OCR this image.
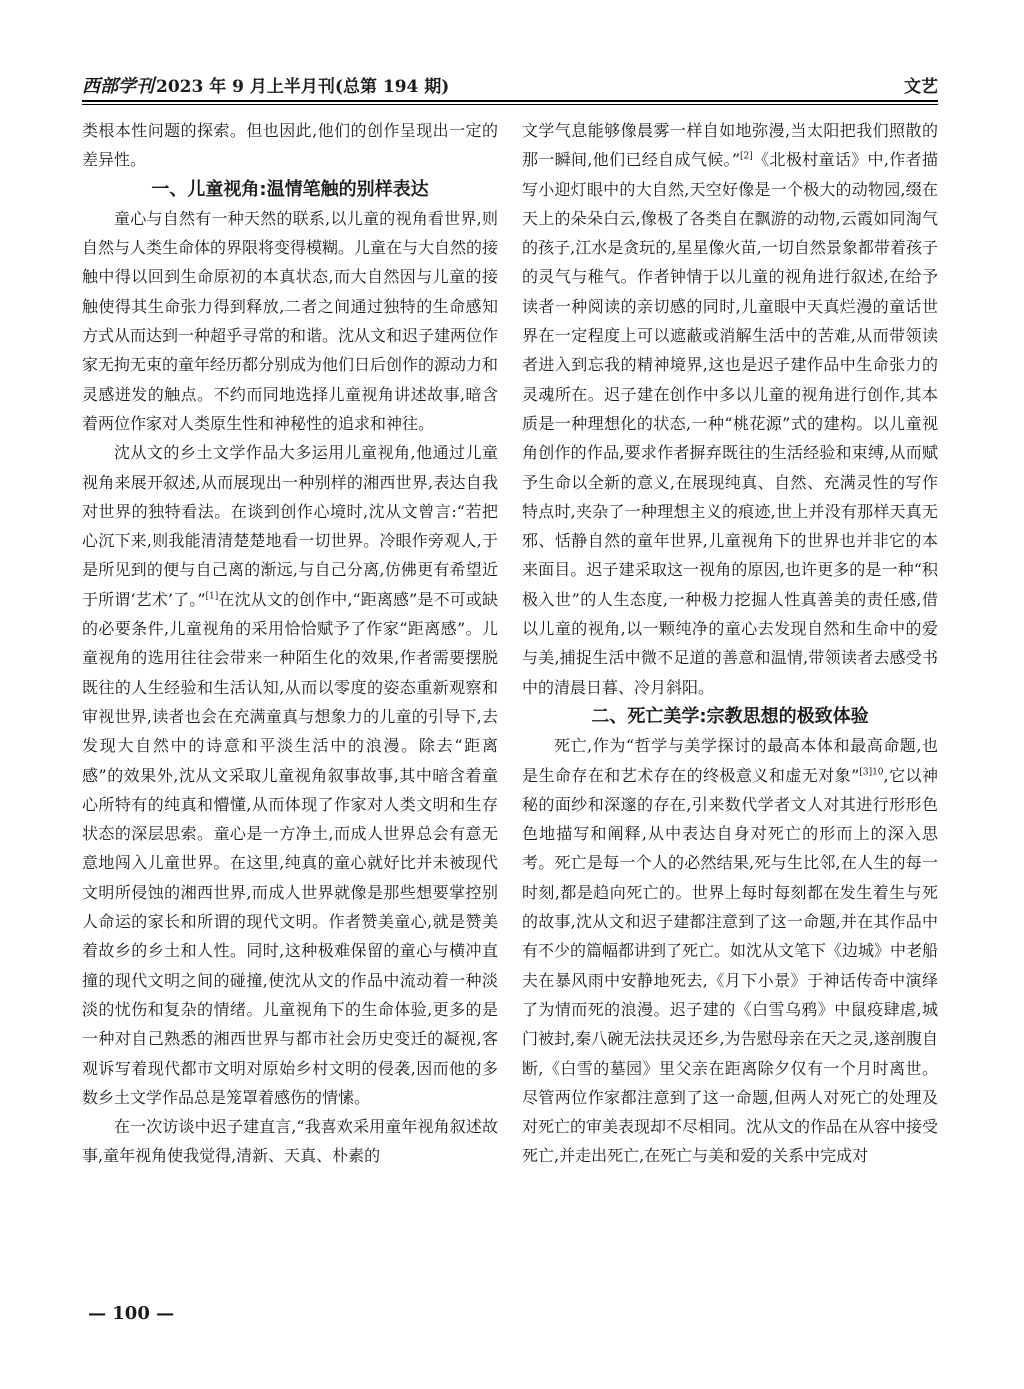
西部学刊 2023 年 9 月上半月刊(总第 194 期)	文艺

类根本性问题的探索。但也因此,他们的创作呈现出一定的差异性。

一、儿童视角:温情笔触的别样表达

童心与自然有一种天然的联系,以儿童的视角看世界,则自然与人类生命体的界限将变得模糊。儿童在与大自然的接触中得以回到生命原初的本真状态,而大自然因与儿童的接触使得其生命张力得到释放,二者之间通过独特的生命感知方式从而达到一种超乎寻常的和谐。沈从文和迟子建两位作家无拘无束的童年经历都分别成为他们日后创作的源动力和灵感迸发的触点。不约而同地选择儿童视角讲述故事,暗含着两位作家对人类原生性和神秘性的追求和神往。

沈从文的乡土文学作品大多运用儿童视角,他通过儿童视角来展开叙述,从而展现出一种别样的湘西世界,表达自我对世界的独特看法。在谈到创作心境时,沈从文曾言:“若把心沉下来,则我能清清楚楚地看一切世界。冷眼作旁观人,于是所见到的便与自己离的渐远,与自己分离,仿佛更有希望近于所谓‘艺术’了。”[1]在沈从文的创作中,“距离感”是不可或缺的必要条件,儿童视角的采用恰恰赋予了作家“距离感”。儿童视角的选用往往会带来一种陌生化的效果,作者需要摆脱既往的人生经验和生活认知,从而以零度的姿态重新观察和审视世界,读者也会在充满童真与想象力的儿童的引导下,去发现大自然中的诗意和平淡生活中的浪漫。除去“距离感”的效果外,沈从文采取儿童视角叙事故事,其中暗含着童心所特有的纯真和懵懂,从而体现了作家对人类文明和生存状态的深层思索。童心是一方净土,而成人世界总会有意无意地闯入儿童世界。在这里,纯真的童心就好比并未被现代文明所侵蚀的湘西世界,而成人世界就像是那些想要掌控别人命运的家长和所谓的现代文明。作者赞美童心,就是赞美着故乡的乡土和人性。同时,这种极难保留的童心与横冲直撞的现代文明之间的碰撞,使沈从文的作品中流动着一种淡淡的忧伤和复杂的情绪。儿童视角下的生命体验,更多的是一种对自己熟悉的湘西世界与都市社会历史变迁的凝视,客观诉写着现代都市文明对原始乡村文明的侵袭,因而他的多数乡土文学作品总是笼罩着感伤的情愫。

在一次访谈中迟子建直言,“我喜欢采用童年视角叙述故事,童年视角使我觉得,清新、天真、朴素的

文学气息能够像晨雾一样自如地弥漫,当太阳把我们照散的那一瞬间,他们已经自成气候。”[2]《北极村童话》中,作者描写小迎灯眼中的大自然,天空好像是一个极大的动物园,缀在天上的朵朵白云,像极了各类自在飘游的动物,云霞如同淘气的孩子,江水是贪玩的,星星像火苗,一切自然景象都带着孩子的灵气与稚气。作者钟情于以儿童的视角进行叙述,在给予读者一种阅读的亲切感的同时,儿童眼中天真烂漫的童话世界在一定程度上可以遮蔽或消解生活中的苦难,从而带领读者进入到忘我的精神境界,这也是迟子建作品中生命张力的灵魂所在。迟子建在创作中多以儿童的视角进行创作,其本质是一种理想化的状态,一种“桃花源”式的建构。以儿童视角创作的作品,要求作者摒弃既往的生活经验和束缚,从而赋予生命以全新的意义,在展现纯真、自然、充满灵性的写作特点时,夹杂了一种理想主义的痕迹,世上并没有那样天真无邪、恬静自然的童年世界,儿童视角下的世界也并非它的本来面目。迟子建采取这一视角的原因,也许更多的是一种“积极入世”的人生态度,一种极力挖掘人性真善美的责任感,借以儿童的视角,以一颗纯净的童心去发现自然和生命中的爱与美,捕捉生活中微不足道的善意和温情,带领读者去感受书中的清晨日暮、冷月斜阳。

二、死亡美学:宗教思想的极致体验

死亡,作为“哲学与美学探讨的最高本体和最高命题,也是生命存在和艺术存在的终极意义和虚无对象”$^{[3]10}$,它以神秘的面纱和深邃的存在,引来数代学者文人对其进行形形色色地描写和阐释,从中表达自身对死亡的形而上的深入思考。死亡是每一个人的必然结果,死与生比邻,在人生的每一时刻,都是趋向死亡的。世界上每时每刻都在发生着生与死的故事,沈从文和迟子建都注意到了这一命题,并在其作品中有不少的篇幅都讲到了死亡。如沈从文笔下《边城》中老船夫在暴风雨中安静地死去,《月下小景》于神话传奇中演绎了为情而死的浪漫。迟子建的《白雪乌鸦》中鼠疫肆虐,城门被封,秦八碗无法扶灵还乡,为告慰母亲在天之灵,遂剖腹自断,《白雪的墓园》里父亲在距离除夕仅有一个月时离世。尽管两位作家都注意到了这一命题,但两人对死亡的处理及对死亡的审美表现却不尽相同。沈从文的作品在从容中接受死亡,并走出死亡,在死亡与美和爱的关系中完成对

— 100 —
